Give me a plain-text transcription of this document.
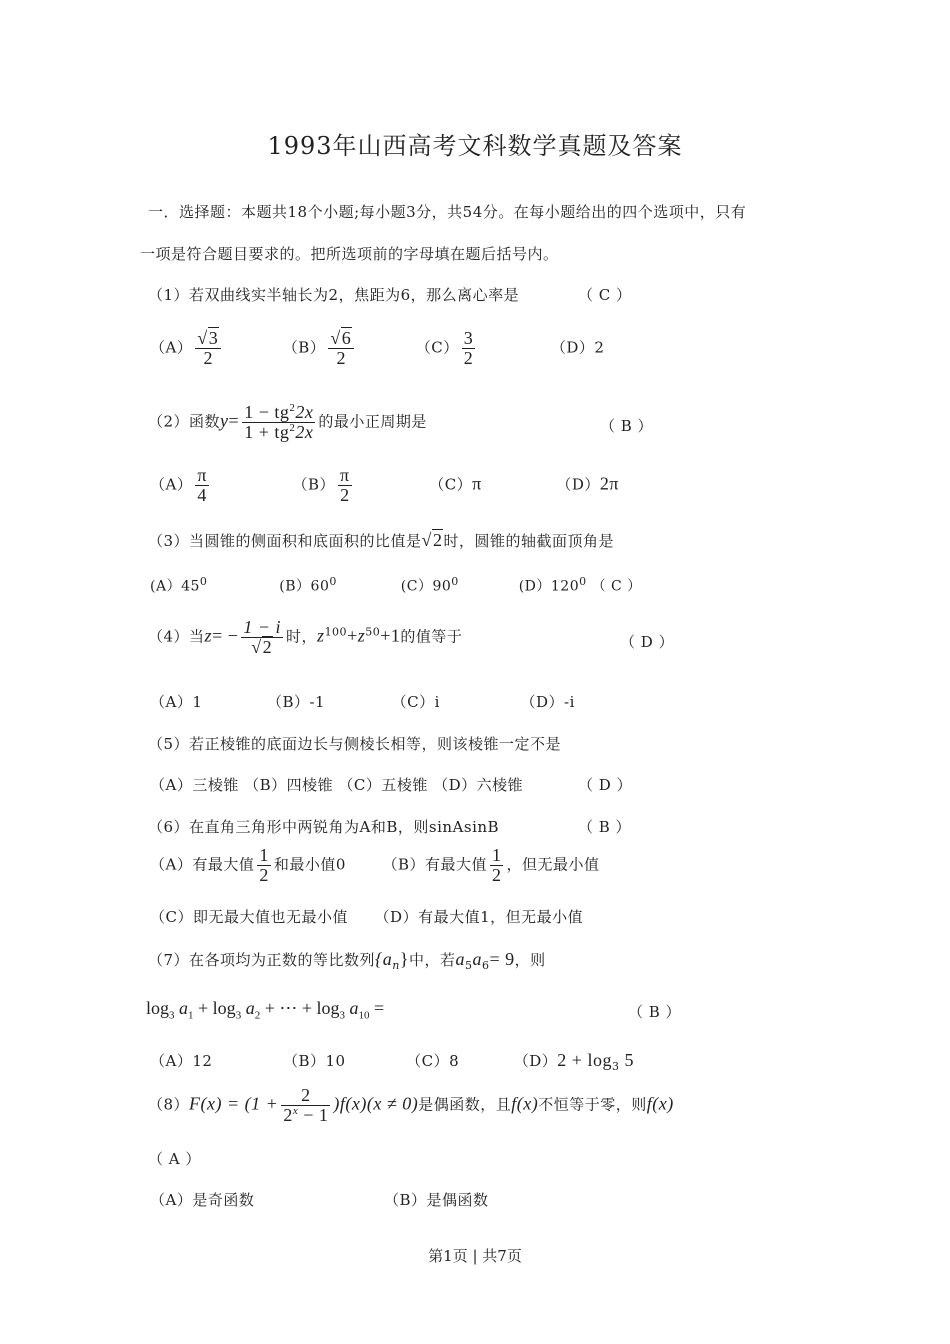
1993年山西高考文科数学真题及答案
一．选择题：本题共18个小题;每小题3分，共54分。在每小题给出的四个选项中，只有
一项是符合题目要求的。把所选项前的字母填在题后括号内。
（1）若双曲线实半轴长为2，焦距为6，那么离心率是	（ C ）
$(A) \frac{√3}{2}$	$(B) \frac{√6}{2}$	$(C) \frac{3}{2}$	（D）2
（2）函数$y= \frac{1 - tg^22x}{1 + tg^22x}$ 的最小正周期是	（ B ）
$(A) \frac{\pi}{4}$	$(B) \frac{\pi}{2}$	（C）π	（D）2π
（3）当圆锥的侧面积和底面积的比值是√2时，圆锥的轴截面顶角是
$(A)45^0$	$(B)60^0$	$(C)90^0$	$(D)120^0$ （ C ）
（4）当$z= - \frac{1 - i}{√2}$ 时，$z^{100}+z^{50}+1$的值等于	（ D ）
（A）1	（B）-1	（C）i	（D）-i
（5）若正棱锥的底面边长与侧棱长相等，则该棱锥一定不是
（A）三棱锥 （B）四棱锥 （C）五棱锥 （D）六棱锥	（ D ）
（6）在直角三角形中两锐角为A和B，则sinAsinB	（ B ）
（A）有最大值 $\frac{1}{2}$ 和最小值0 （B）有最大值 $\frac{1}{2}$ ，但无最小值
（C）即无最大值也无最小值 （D）有最大值1，但无最小值
（7）在各项均为正数的等比数列$\{a_n\}$中，若$a_5a_6= 9$，则
$\log_3 a_1 + \log_3 a_2$ + ⋯ + $\log_3 a_{10}$ =	（ B ）
（A）12	（B）10	（C）8	$(D)2 + \log_3 5$
$(8)F(x) = (1 + \frac{2}{2^x - 1} )f(x)(x \ne 0)$是偶函数，且f(x)不恒等于零，则f(x)
（ A ）
（A）是奇函数	（B）是偶函数
第1页 | 共7页
